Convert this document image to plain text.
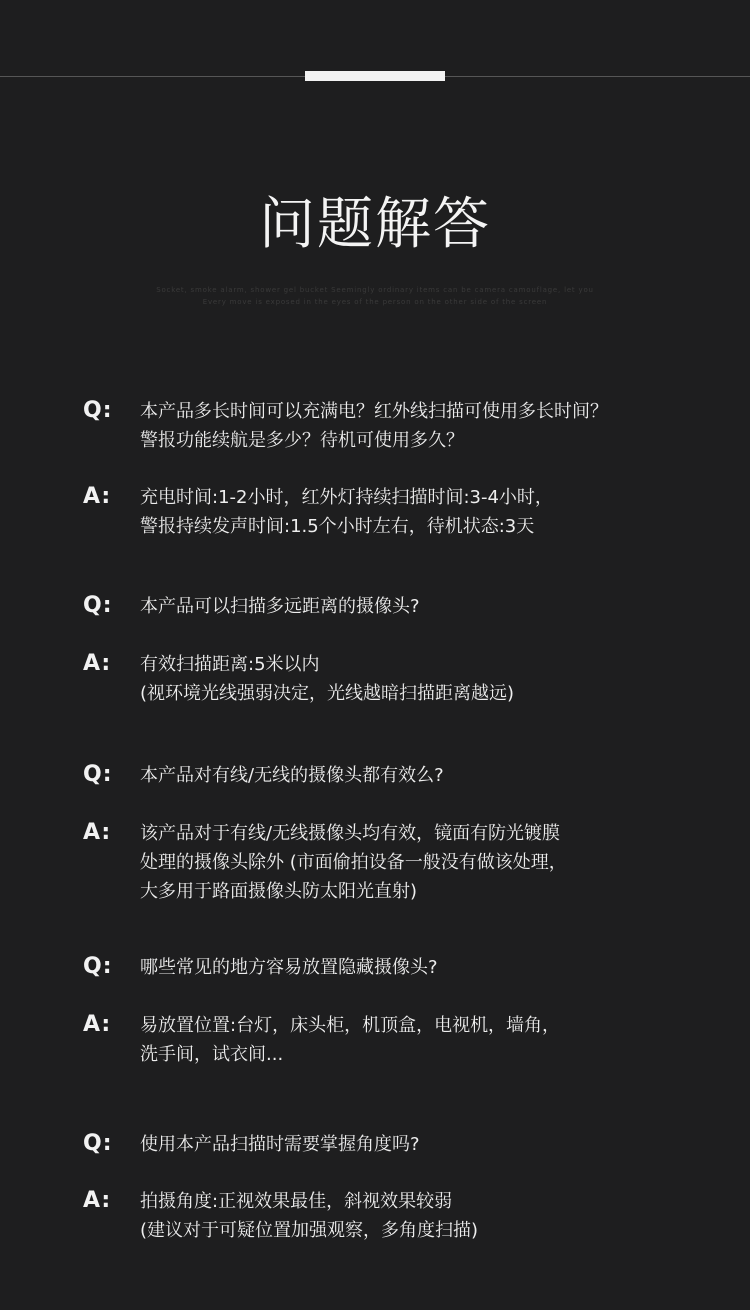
问题解答
Socket, smoke alarm, shower gel bucket Seemingly ordinary items can be camera camouflage, let you
Every move is exposed in the eyes of the person on the other side of the screen
Q: 本产品多长时间可以充满电？红外线扫描可使用多长时间？
警报功能续航是多少？待机可使用多久？
A: 充电时间:1-2小时，红外灯持续扫描时间:3-4小时，
警报持续发声时间:1.5个小时左右，待机状态:3天
Q: 本产品可以扫描多远距离的摄像头?
A: 有效扫描距离:5米以内
(视环境光线强弱决定，光线越暗扫描距离越远)
Q: 本产品对有线/无线的摄像头都有效么?
A: 该产品对于有线/无线摄像头均有效，镜面有防光镀膜
处理的摄像头除外 (市面偷拍设备一般没有做该处理，
大多用于路面摄像头防太阳光直射)
Q: 哪些常见的地方容易放置隐藏摄像头?
A: 易放置位置:台灯，床头柜，机顶盒，电视机，墙角，
洗手间，试衣间...
Q: 使用本产品扫描时需要掌握角度吗?
A: 拍摄角度:正视效果最佳，斜视效果较弱
(建议对于可疑位置加强观察，多角度扫描)
